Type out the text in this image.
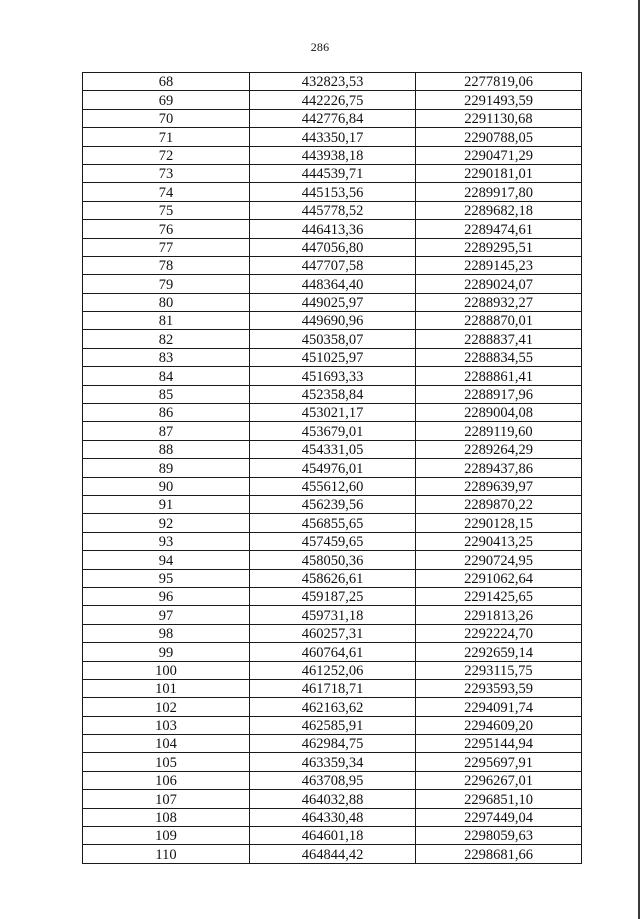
286
68	432823,53	2277819,06
69	442226,75	2291493,59
70	442776,84	2291130,68
71	443350,17	2290788,05
72	443938,18	2290471,29
73	444539,71	2290181,01
74	445153,56	2289917,80
75	445778,52	2289682,18
76	446413,36	2289474,61
77	447056,80	2289295,51
78	447707,58	2289145,23
79	448364,40	2289024,07
80	449025,97	2288932,27
81	449690,96	2288870,01
82	450358,07	2288837,41
83	451025,97	2288834,55
84	451693,33	2288861,41
85	452358,84	2288917,96
86	453021,17	2289004,08
87	453679,01	2289119,60
88	454331,05	2289264,29
89	454976,01	2289437,86
90	455612,60	2289639,97
91	456239,56	2289870,22
92	456855,65	2290128,15
93	457459,65	2290413,25
94	458050,36	2290724,95
95	458626,61	2291062,64
96	459187,25	2291425,65
97	459731,18	2291813,26
98	460257,31	2292224,70
99	460764,61	2292659,14
100	461252,06	2293115,75
101	461718,71	2293593,59
102	462163,62	2294091,74
103	462585,91	2294609,20
104	462984,75	2295144,94
105	463359,34	2295697,91
106	463708,95	2296267,01
107	464032,88	2296851,10
108	464330,48	2297449,04
109	464601,18	2298059,63
110	464844,42	2298681,66
